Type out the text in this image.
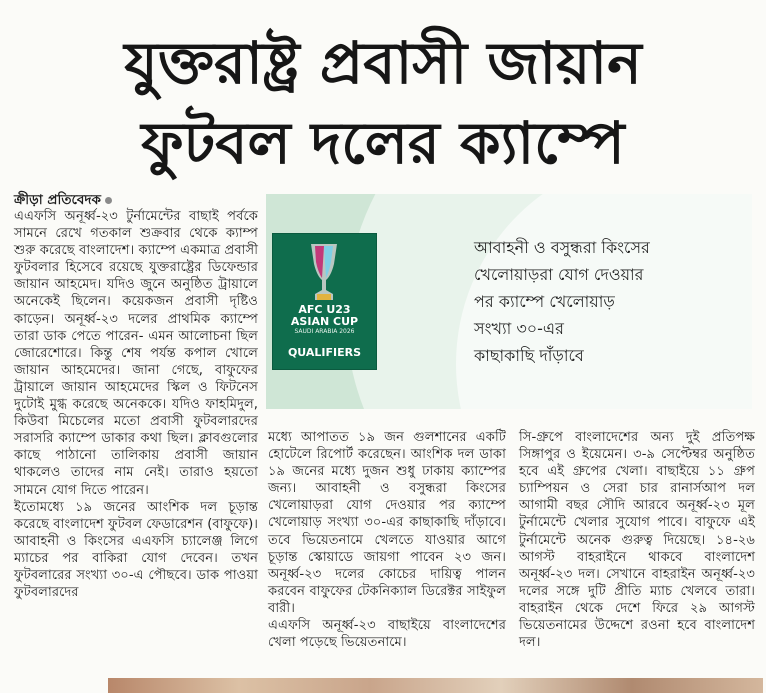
যুক্তরাষ্ট্র প্রবাসী জায়ান
ফুটবল দলের ক্যাম্পে
ক্রীড়া প্রতিবেদক

এএফসি অনূর্ধ্ব-২৩ টুর্নামেন্টের বাছাই পর্বকে সামনে রেখে গতকাল শুক্রবার থেকে ক্যাম্প শুরু করেছে বাংলাদেশ। ক্যাম্পে একমাত্র প্রবাসী ফুটবলার হিসেবে রয়েছে যুক্তরাষ্ট্রের ডিফেন্ডার জায়ান আহমেদ। যদিও জুনে অনুষ্ঠিত ট্রায়ালে অনেকেই ছিলেন। কয়েকজন প্রবাসী দৃষ্টিও কাড়েন। অনূর্ধ্ব-২৩ দলের প্রাথমিক ক্যাম্পে তারা ডাক পেতে পারেন- এমন আলোচনা ছিল জোরেশোরে। কিন্তু শেষ পর্যন্ত কপাল খোলে জায়ান আহমেদের। জানা গেছে, বাফুফের ট্রায়ালে জায়ান আহমেদের স্কিল ও ফিটনেস দুটোই মুগ্ধ করেছে অনেককে। যদিও ফাহমিদুল, কিউবা মিচেলের মতো প্রবাসী ফুটবলারদের সরাসরি ক্যাম্পে ডাকার কথা ছিল। ক্লাবগুলোর কাছে পাঠানো তালিকায় প্রবাসী জায়ান থাকলেও তাদের নাম নেই। তারাও হয়তো সামনে যোগ দিতে পারেন।

ইতোমধ্যে ১৯ জনের আংশিক দল চূড়ান্ত করেছে বাংলাদেশ ফুটবল ফেডারেশন (বাফুফে)। আবাহনী ও কিংসের এএফসি চ্যালেঞ্জ লিগে ম্যাচের পর বাকিরা যোগ দেবেন। তখন ফুটবলারের সংখ্যা ৩০-এ পৌছবে। ডাক পাওয়া ফুটবলারদের

AFC U23
ASIAN CUP
SAUDI ARABIA 2026
QUALIFIERS
আবাহনী ও বসুন্ধরা কিংসের
খেলোয়াড়রা যোগ দেওয়ার
পর ক্যাম্পে খেলোয়াড়
সংখ্যা ৩০-এর
কাছাকাছি দাঁড়াবে

মধ্যে আপাতত ১৯ জন গুলশানের একটি হোটেলে রিপোর্ট করেছেন। আংশিক দল ডাকা ১৯ জনের মধ্যে দুজন শুধু ঢাকায় ক্যাম্পের জন্য। আবাহনী ও বসুন্ধরা কিংসের খেলোয়াড়রা যোগ দেওয়ার পর ক্যাম্পে খেলোয়াড় সংখ্যা ৩০-এর কাছাকাছি দাঁড়াবে। তবে ভিয়েতনামে খেলতে যাওয়ার আগে চূড়ান্ত স্কোয়াডে জায়গা পাবেন ২৩ জন। অনূর্ধ্ব-২৩ দলের কোচের দায়িত্ব পালন করবেন বাফুফের টেকনিক্যাল ডিরেক্টর সাইফুল বারী।

এএফসি অনূর্ধ্ব-২৩ বাছাইয়ে বাংলাদেশের খেলা পড়েছে ভিয়েতনামে।

সি-গ্রুপে বাংলাদেশের অন্য দুই প্রতিপক্ষ সিঙ্গাপুর ও ইয়েমেন। ৩-৯ সেপ্টেম্বর অনুষ্ঠিত হবে এই গ্রুপের খেলা। বাছাইয়ে ১১ গ্রুপ চ্যাম্পিয়ন ও সেরা চার রানার্সআপ দল আগামী বছর সৌদি আরবে অনূর্ধ্ব-২৩ মূল টুর্নামেন্টে খেলার সুযোগ পাবে। বাফুফে এই টুর্নামেন্টে অনেক গুরুত্ব দিয়েছে। ১৪-২৬ আগস্ট বাহরাইনে থাকবে বাংলাদেশ অনূর্ধ্ব-২৩ দল। সেখানে বাহরাইন অনূর্ধ্ব-২৩ দলের সঙ্গে দুটি প্রীতি ম্যাচ খেলবে তারা। বাহরাইন থেকে দেশে ফিরে ২৯ আগস্ট ভিয়েতনামের উদ্দেশে রওনা হবে বাংলাদেশ দল।
